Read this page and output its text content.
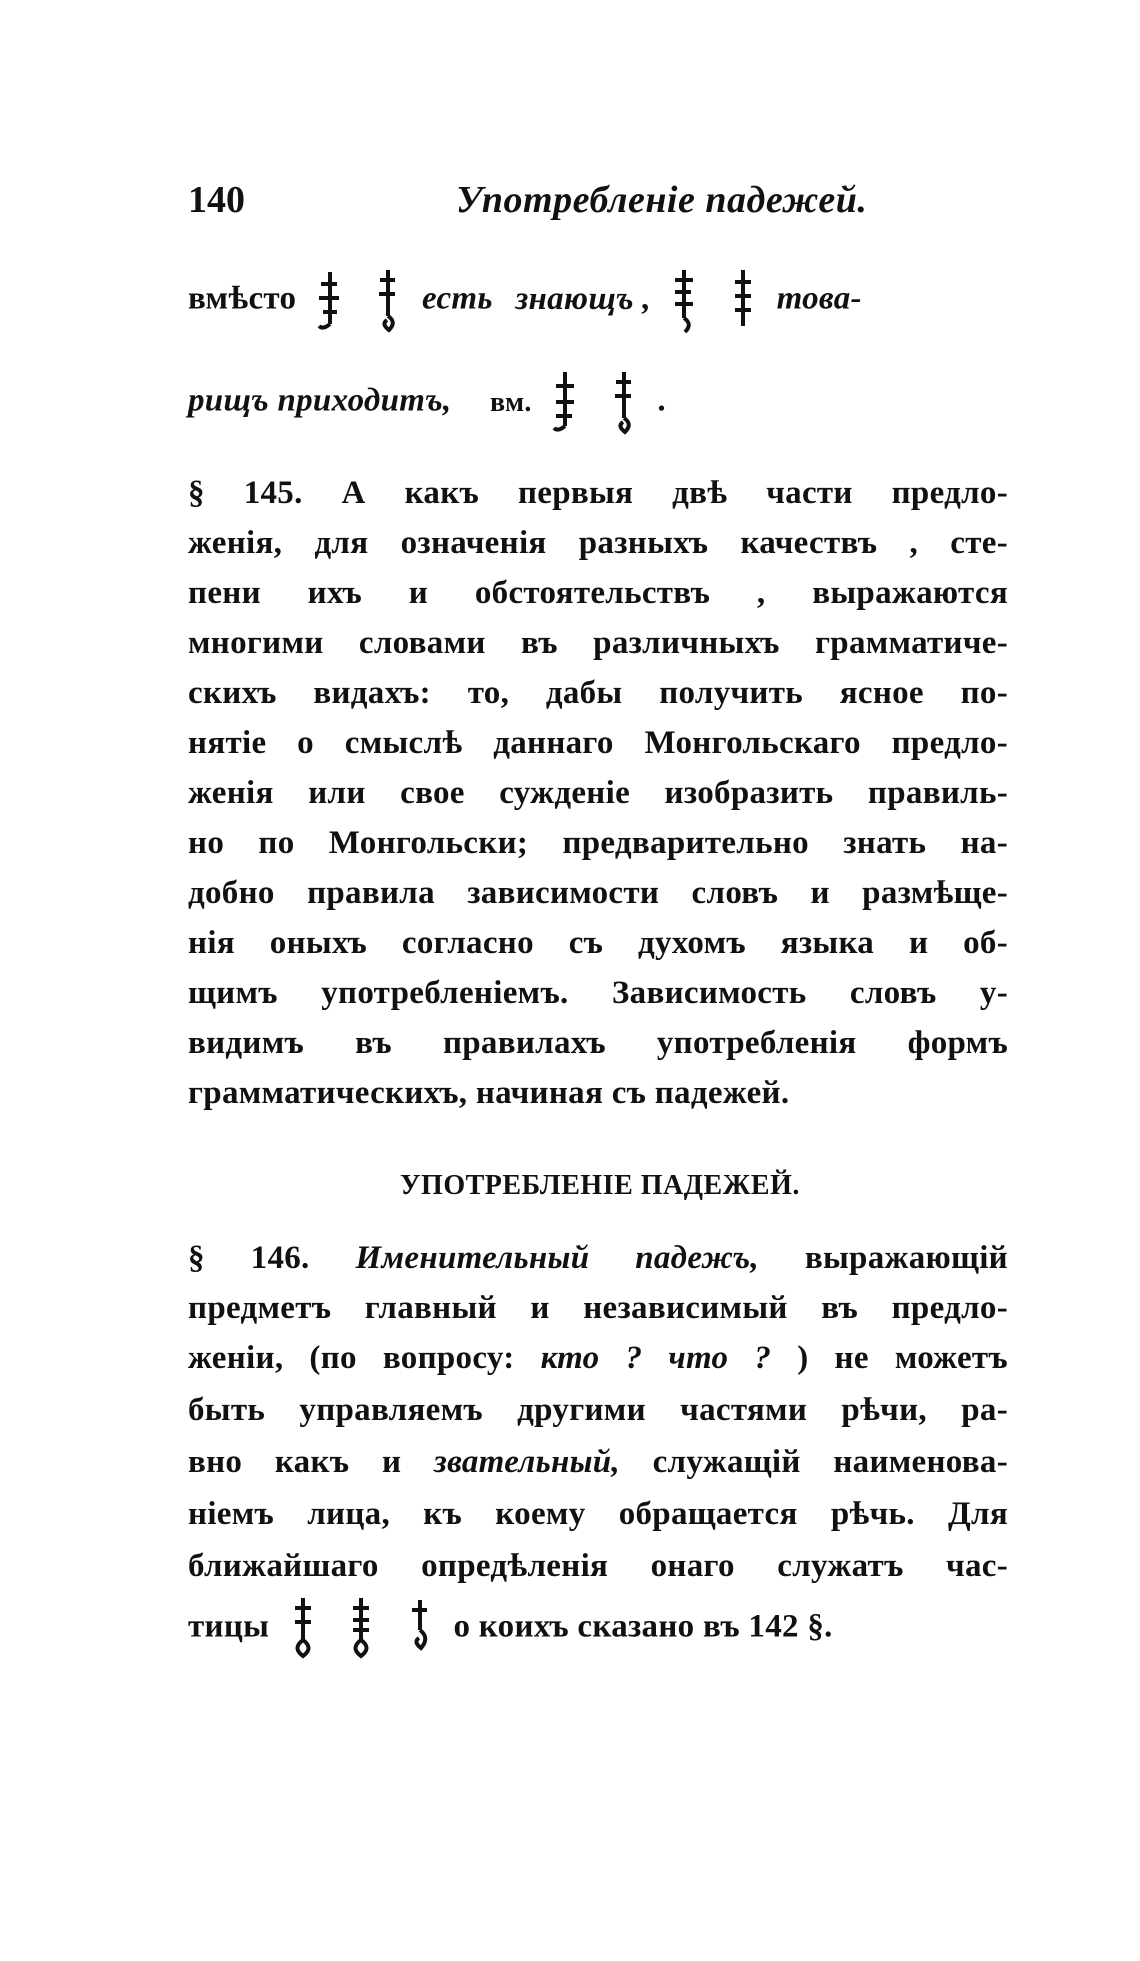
140	Употребленіе падежей.
вмѣсто	есть знающъ ,	това-
рищъ приходитъ, вм.	.
§ 145. А какъ первыя двѣ части предло-
женія, для означенія разныхъ качествъ , сте-
пени ихъ и обстоятельствъ , выражаются
многими словами въ различныхъ грамматиче-
скихъ видахъ: то, дабы получить ясное по-
нятіе о смыслѣ даннаго Монгольскаго предло-
женія или свое сужденіе изобразить правиль-
но по Монгольски; предварительно знать на-
добно правила зависимости словъ и размѣще-
нія оныхъ согласно съ духомъ языка и об-
щимъ употребленіемъ. Зависимость словъ у-
видимъ въ правилахъ употребленія формъ
грамматическихъ, начиная съ падежей.
УПОТРЕБЛЕНІЕ ПАДЕЖЕЙ.
§ 146. Именительный падежъ, выражающій
предметъ главный и независимый въ предло-
женіи, (по вопросу: кто ? что ? ) не можетъ
быть управляемъ другими частями рѣчи, ра-
вно какъ и звательный, служащій наименова-
ніемъ лица, къ коему обращается рѣчь. Для
ближайшаго опредѣленія онаго служатъ час-
тицы	о коихъ сказано въ 142 §.
